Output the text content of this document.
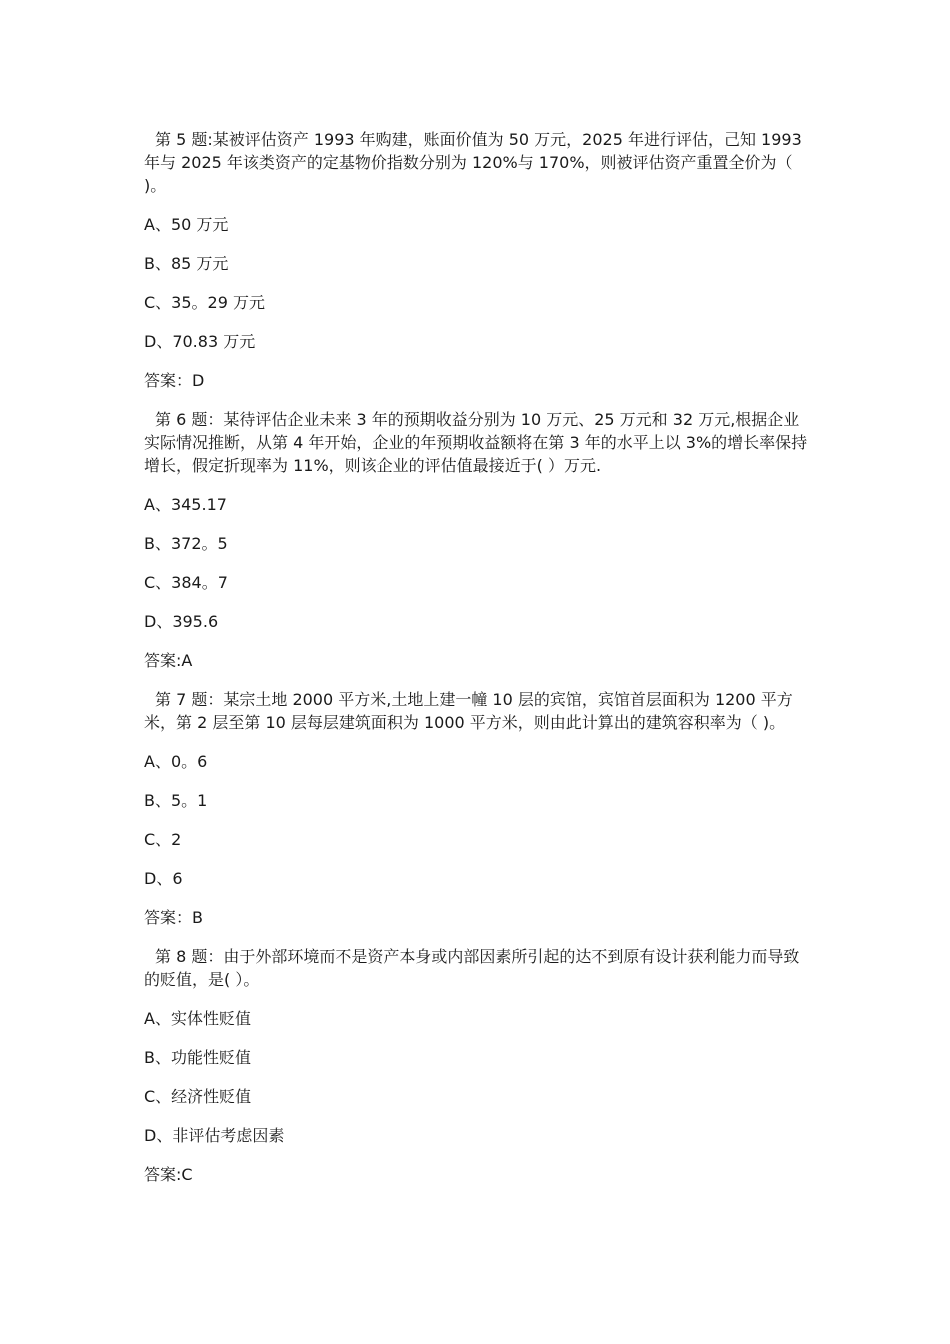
第 5 题:某被评估资产 1993 年购建，账面价值为 50 万元，2025 年进行评估，己知 1993 年与 2025 年该类资产的定基物价指数分别为 120%与 170%，则被评估资产重置全价为（ )。

A、50 万元

B、85 万元

C、35。29 万元

D、70.83 万元

答案：D

第 6 题：某待评估企业未来 3 年的预期收益分别为 10 万元、25 万元和 32 万元,根据企业实际情况推断，从第 4 年开始，企业的年预期收益额将在第 3 年的水平上以 3%的增长率保持增长，假定折现率为 11%，则该企业的评估值最接近于( ）万元.

A、345.17

B、372。5

C、384。7

D、395.6

答案:A

第 7 题：某宗土地 2000 平方米,土地上建一幢 10 层的宾馆，宾馆首层面积为 1200 平方米，第 2 层至第 10 层每层建筑面积为 1000 平方米，则由此计算出的建筑容积率为（ )。

A、0。6

B、5。1

C、2

D、6

答案：B

第 8 题：由于外部环境而不是资产本身或内部因素所引起的达不到原有设计获利能力而导致的贬值，是( ）。

A、实体性贬值

B、功能性贬值

C、经济性贬值

D、非评估考虑因素

答案:C
